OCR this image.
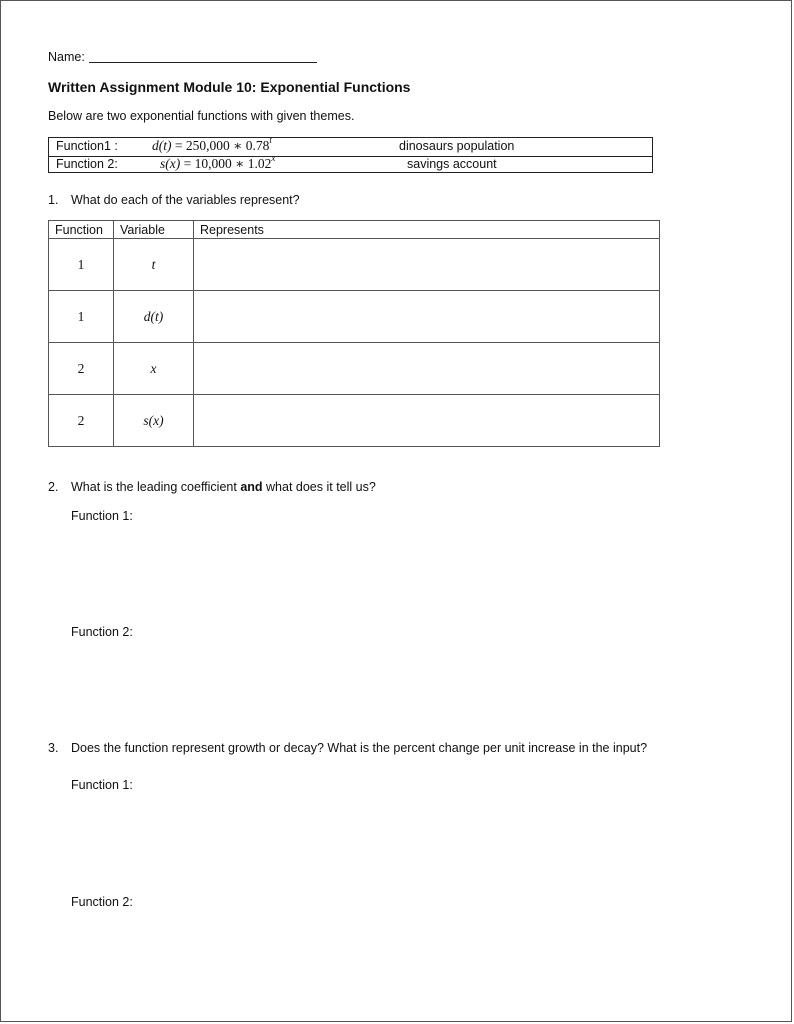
Name:
Written Assignment Module 10: Exponential Functions
Below are two exponential functions with given themes.
Function1 :	d(t) = 250,000 ∗ 0.78$^t$	dinosaurs population
Function 2:	s(x) = 10,000 ∗ 1.02$^x$	savings account
1. What do each of the variables represent?
Function	Variable	Represents
1	t	
1	d(t)	
2	x	
2	s(x)	
2. What is the leading coefficient and what does it tell us?
Function 1:
Function 2:
3. Does the function represent growth or decay? What is the percent change per unit increase in the input?
Function 1:
Function 2:
